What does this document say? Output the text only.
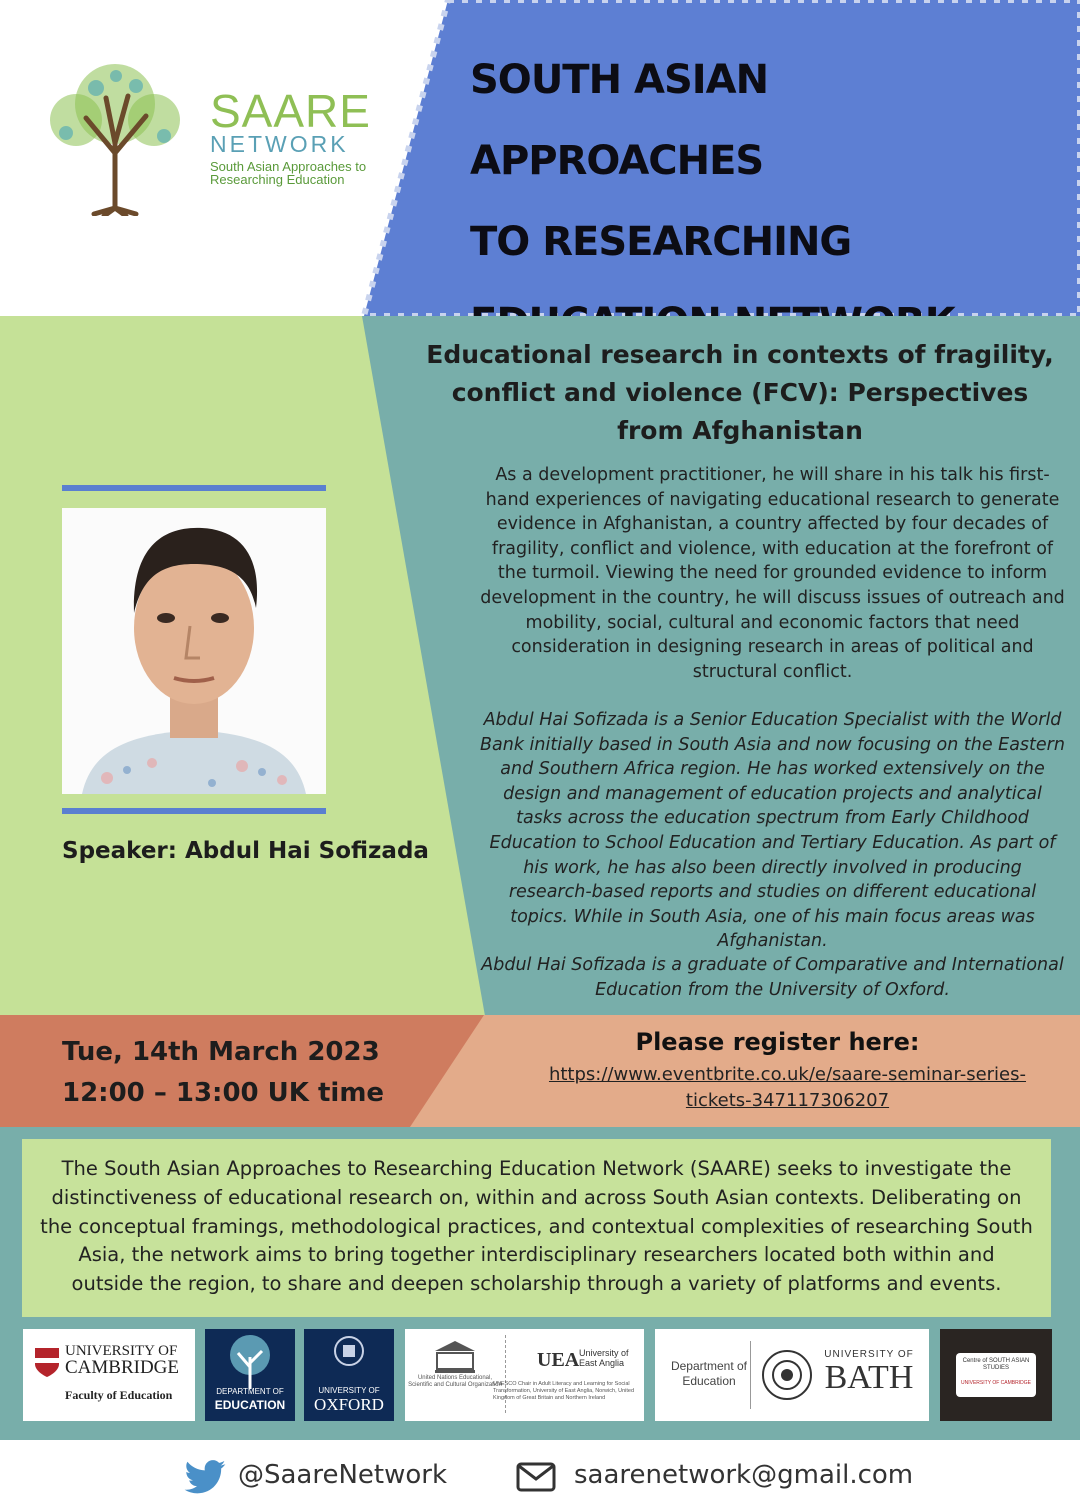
SAARE
NETWORK
South Asian Approaches to Researching Education
SOUTH ASIAN APPROACHES
TO RESEARCHING
Educational research in contexts of fragility, conflict and violence (FCV): Perspectives from Afghanistan
As a development practitioner, he will share in his talk his first-hand experiences of navigating educational research to generate evidence in Afghanistan, a country affected by four decades of fragility, conflict and violence, with education at the forefront of the turmoil. Viewing the need for grounded evidence to inform development in the country, he will discuss issues of outreach and mobility, social, cultural and economic factors that need consideration in designing research in areas of political and structural conflict.
Abdul Hai Sofizada is a Senior Education Specialist with the World Bank initially based in South Asia and now focusing on the Eastern and Southern Africa region. He has worked extensively on the design and management of education projects and analytical tasks across the education spectrum from Early Childhood Education to School Education and Tertiary Education. As part of his work, he has also been directly involved in producing research-based reports and studies on different educational topics. While in South Asia, one of his main focus areas was Afghanistan.
Abdul Hai Sofizada is a graduate of Comparative and International Education from the University of Oxford.
Speaker: Abdul Hai Sofizada
Tue, 14th March 2023
12:00 – 13:00 UK time
Please register here:
https://www.eventbrite.co.uk/e/saare-seminar-series-tickets-347117306207
The South Asian Approaches to Researching Education Network (SAARE) seeks to investigate the distinctiveness of educational research on, within and across South Asian contexts. Deliberating on the conceptual framings, methodological practices, and contextual complexities of researching South Asia, the network aims to bring together interdisciplinary researchers located both within and outside the region, to share and deepen scholarship through a variety of platforms and events.
UNIVERSITY OF
CAMBRIDGE
Faculty of Education	DEPARTMENT OF
EDUCATION
UNIVERSITY OF
OXFORD
United Nations Educational, Scientific and Cultural Organization
UEA University of East Anglia
UNESCO Chair in Adult Literacy and Learning for Social Transformation, University of East Anglia, Norwich, United Kingdom of Great Britain and Northern Ireland
Department of Education
UNIVERSITY OF
BATH	Centre of SOUTH ASIAN STUDIES
UNIVERSITY OF CAMBRIDGE
@SaareNetwork	saarenetwork@gmail.com
